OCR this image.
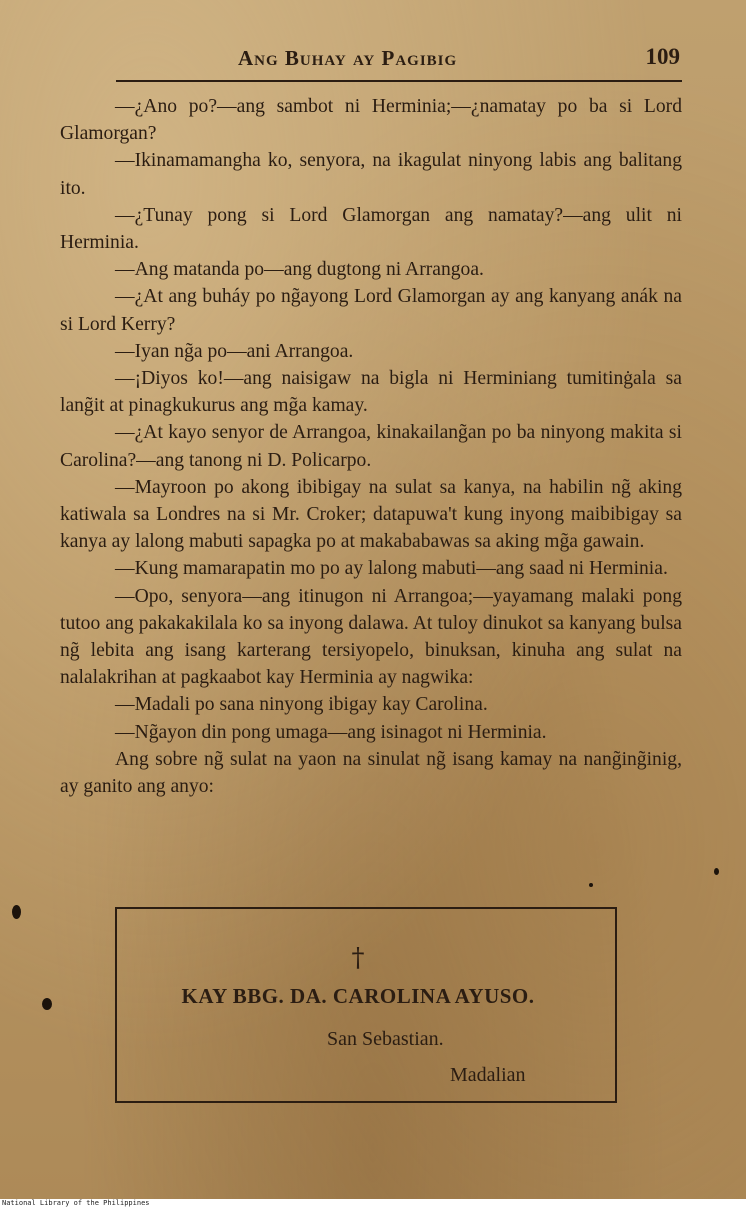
Ang Buhay ay Pagibig	109

—¿Ano po?—ang sambot ni Herminia;—¿namatay po ba si Lord Glamorgan?

—Ikinamamangha ko, senyora, na ikagulat ninyong labis ang balitang ito.

—¿Tunay pong si Lord Glamorgan ang namatay?—ang ulit ni Herminia.

—Ang matanda po—ang dugtong ni Arrangoa.

—¿At ang buháy po ng̃ayong Lord Glamorgan ay ang kanyang anák na si Lord Kerry?

—Iyan ng̃a po—ani Arrangoa.

—¡Diyos ko!—ang naisigaw na bigla ni Herminiang tumitinġala sa lang̃it at pinagkukurus ang mg̃a kamay.

—¿At kayo senyor de Arrangoa, kinakailang̃an po ba ninyong makita si Carolina?—ang tanong ni D. Policarpo.

—Mayroon po akong ibibigay na sulat sa kanya, na habilin ng̃ aking katiwala sa Londres na si Mr. Croker; datapuwa't kung inyong maibibigay sa kanya ay lalong mabuti sapagka po at makababawas sa aking mg̃a gawain.

—Kung mamarapatin mo po ay lalong mabuti—ang saad ni Herminia.

—Opo, senyora—ang itinugon ni Arrangoa;—yayamang malaki pong tutoo ang pakakakilala ko sa inyong dalawa. At tuloy dinukot sa kanyang bulsa ng̃ lebita ang isang karterang tersiyopelo, binuksan, kinuha ang sulat na nalalakrihan at pagkaabot kay Herminia ay nagwika:

—Madali po sana ninyong ibigay kay Carolina.

—Ng̃ayon din pong umaga—ang isinagot ni Herminia.

Ang sobre ng̃ sulat na yaon na sinulat ng̃ isang kamay na nang̃ing̃inig, ay ganito ang anyo:

†
KAY BBG. DA. CAROLINA AYUSO.
San Sebastian.
Madalian
National Library of the Philippines
